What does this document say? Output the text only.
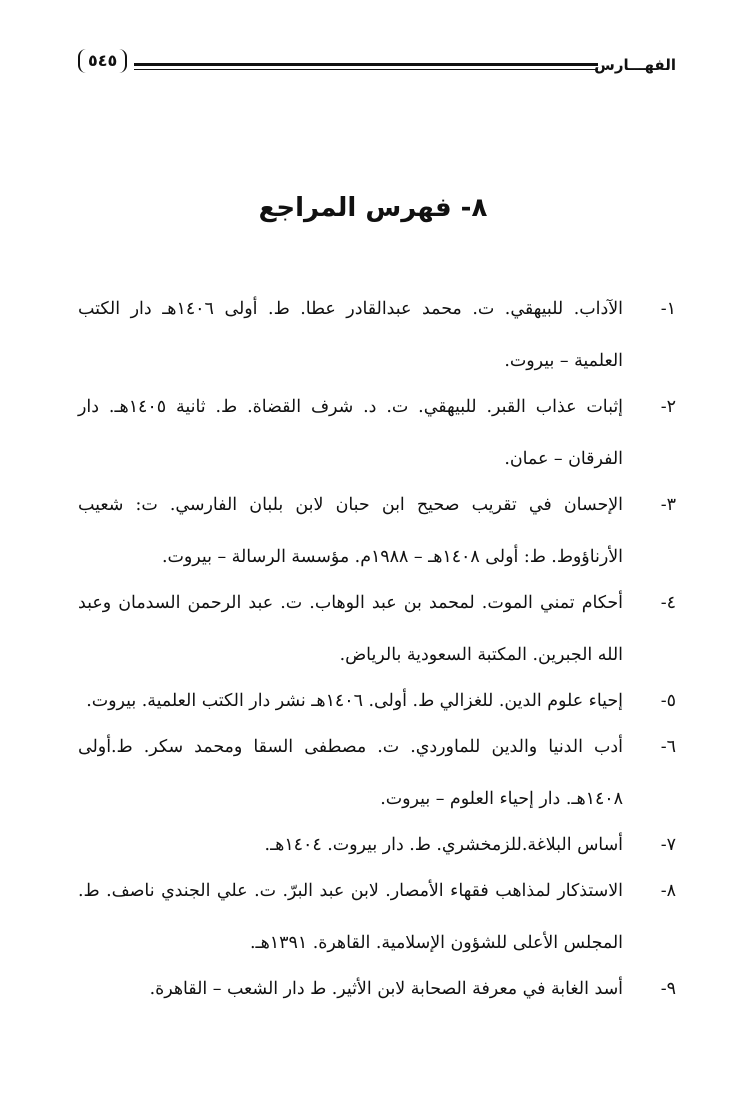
الفهـــارس
٥٤٥
٨- فهرس المراجع
١-
الآداب. للبيهقي. ت. محمد عبدالقادر عطا. ط. أولى ١٤٠٦هـ دار الكتب العلمية – بيروت.
٢-
إثبات عذاب القبر. للبيهقي. ت. د. شرف القضاة. ط. ثانية ١٤٠٥هـ. دار الفرقان – عمان.
٣-
الإحسان في تقريب صحيح ابن حبان لابن بلبان الفارسي. ت: شعيب الأرناؤوط. ط: أولى ١٤٠٨هـ – ١٩٨٨م. مؤسسة الرسالة – بيروت.
٤-
أحكام تمني الموت. لمحمد بن عبد الوهاب. ت. عبد الرحمن السدمان وعبد الله الجبرين. المكتبة السعودية بالرياض.
٥-
إحياء علوم الدين. للغزالي ط. أولى. ١٤٠٦هـ نشر دار الكتب العلمية. بيروت.
٦-
أدب الدنيا والدين للماوردي. ت. مصطفى السقا ومحمد سكر. ط.أولى ١٤٠٨هـ. دار إحياء العلوم – بيروت.
٧-
أساس البلاغة.للزمخشري. ط. دار بيروت. ١٤٠٤هـ.
٨-
الاستذكار لمذاهب فقهاء الأمصار. لابن عبد البرّ. ت. علي الجندي ناصف. ط. المجلس الأعلى للشؤون الإسلامية. القاهرة. ١٣٩١هـ.
٩-
أسد الغابة في معرفة الصحابة لابن الأثير. ط دار الشعب – القاهرة.
